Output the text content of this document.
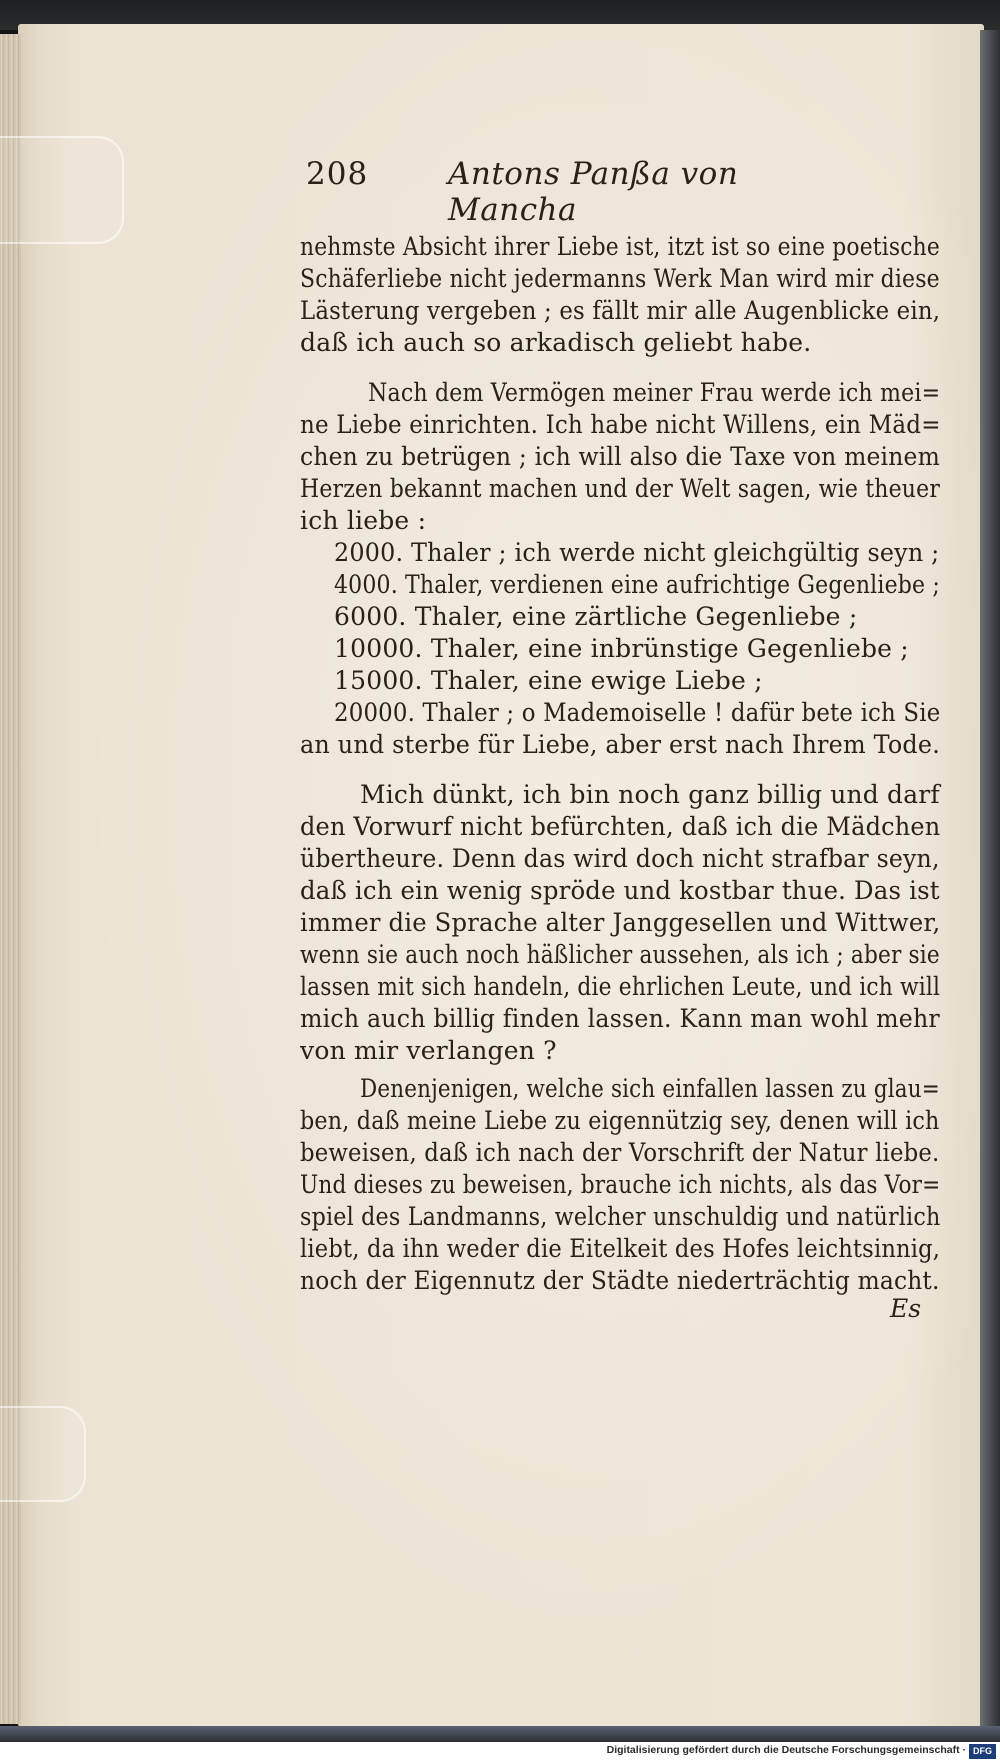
208	Antons Panßa von Mancha
nehmste Absicht ihrer Liebe ist, itzt ist so eine poetische
Schäferliebe nicht jedermanns Werk Man wird mir diese
Lästerung vergeben ; es fällt mir alle Augenblicke ein,
daß ich auch so arkadisch geliebt habe.
Nach dem Vermögen meiner Frau werde ich mei=
ne Liebe einrichten. Ich habe nicht Willens, ein Mäd=
chen zu betrügen ; ich will also die Taxe von meinem
Herzen bekannt machen und der Welt sagen, wie theuer
ich liebe :
2000. Thaler ; ich werde nicht gleichgültig seyn ;
4000. Thaler, verdienen eine aufrichtige Gegenliebe ;
6000. Thaler, eine zärtliche Gegenliebe ;
10000. Thaler, eine inbrünstige Gegenliebe ;
15000. Thaler, eine ewige Liebe ;
20000. Thaler ; o Mademoiselle ! dafür bete ich Sie
an und sterbe für Liebe, aber erst nach Ihrem Tode.
Mich dünkt, ich bin noch ganz billig und darf
den Vorwurf nicht befürchten, daß ich die Mädchen
übertheure. Denn das wird doch nicht strafbar seyn,
daß ich ein wenig spröde und kostbar thue. Das ist
immer die Sprache alter Janggesellen und Wittwer,
wenn sie auch noch häßlicher aussehen, als ich ; aber sie
lassen mit sich handeln, die ehrlichen Leute, und ich will
mich auch billig finden lassen. Kann man wohl mehr
von mir verlangen ?
Denenjenigen, welche sich einfallen lassen zu glau=
ben, daß meine Liebe zu eigennützig sey, denen will ich
beweisen, daß ich nach der Vorschrift der Natur liebe.
Und dieses zu beweisen, brauche ich nichts, als das Vor=
spiel des Landmanns, welcher unschuldig und natürlich
liebt, da ihn weder die Eitelkeit des Hofes leichtsinnig,
noch der Eigennutz der Städte niederträchtig macht.
Es
Digitalisierung gefördert durch die Deutsche Forschungsgemeinschaft · DFG
